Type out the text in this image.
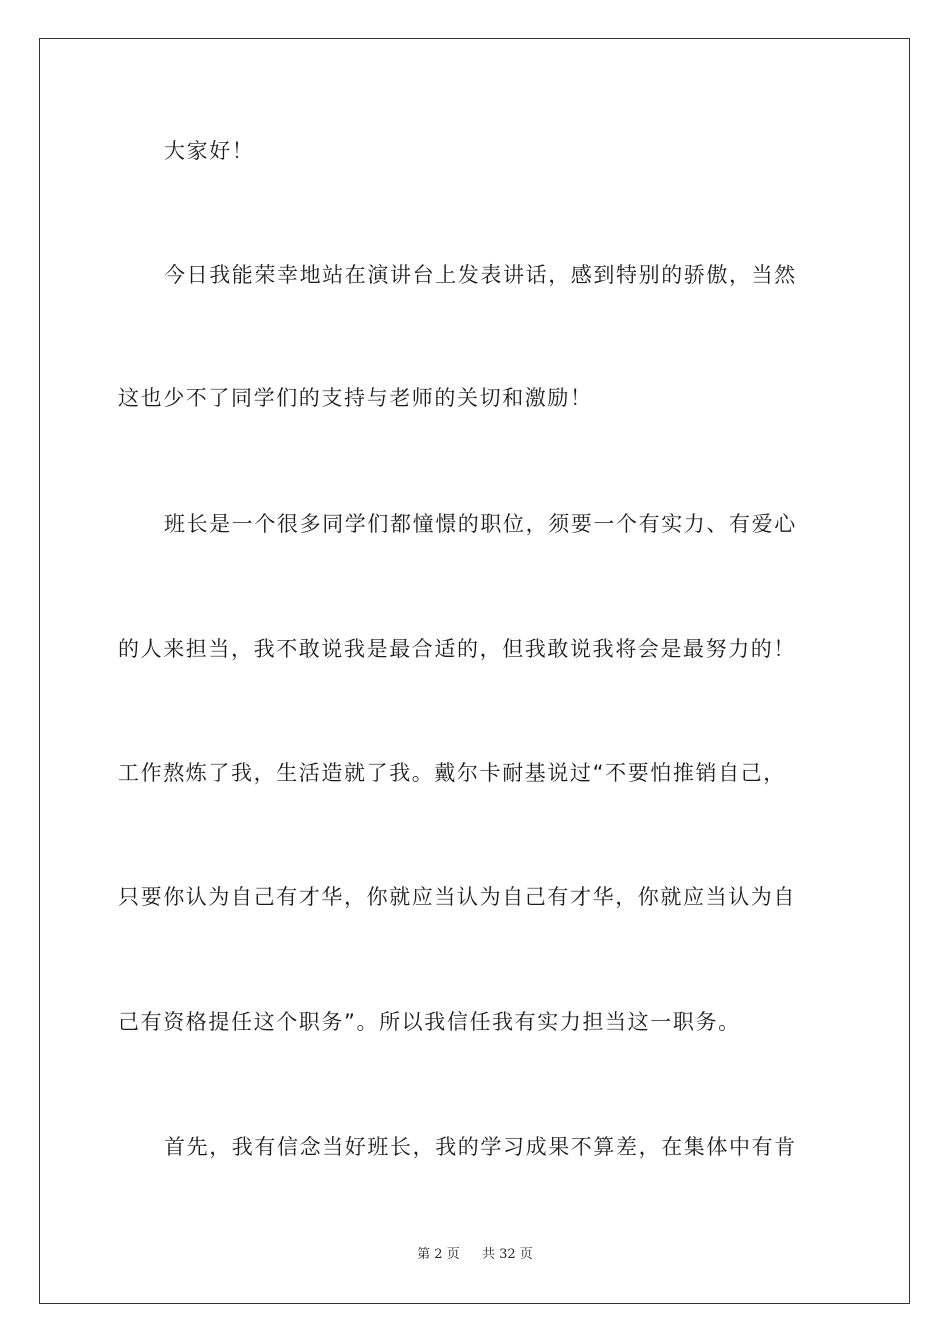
大家好！
今日我能荣幸地站在演讲台上发表讲话，感到特别的骄傲，当然
这也少不了同学们的支持与老师的关切和激励！
班长是一个很多同学们都憧憬的职位，须要一个有实力、有爱心
的人来担当，我不敢说我是最合适的，但我敢说我将会是最努力的！
工作熬炼了我，生活造就了我。戴尔卡耐基说过“不要怕推销自己，
只要你认为自己有才华，你就应当认为自己有才华，你就应当认为自
己有资格提任这个职务”。所以我信任我有实力担当这一职务。
首先，我有信念当好班长，我的学习成果不算差，在集体中有肯
第 2 页 共 32 页
